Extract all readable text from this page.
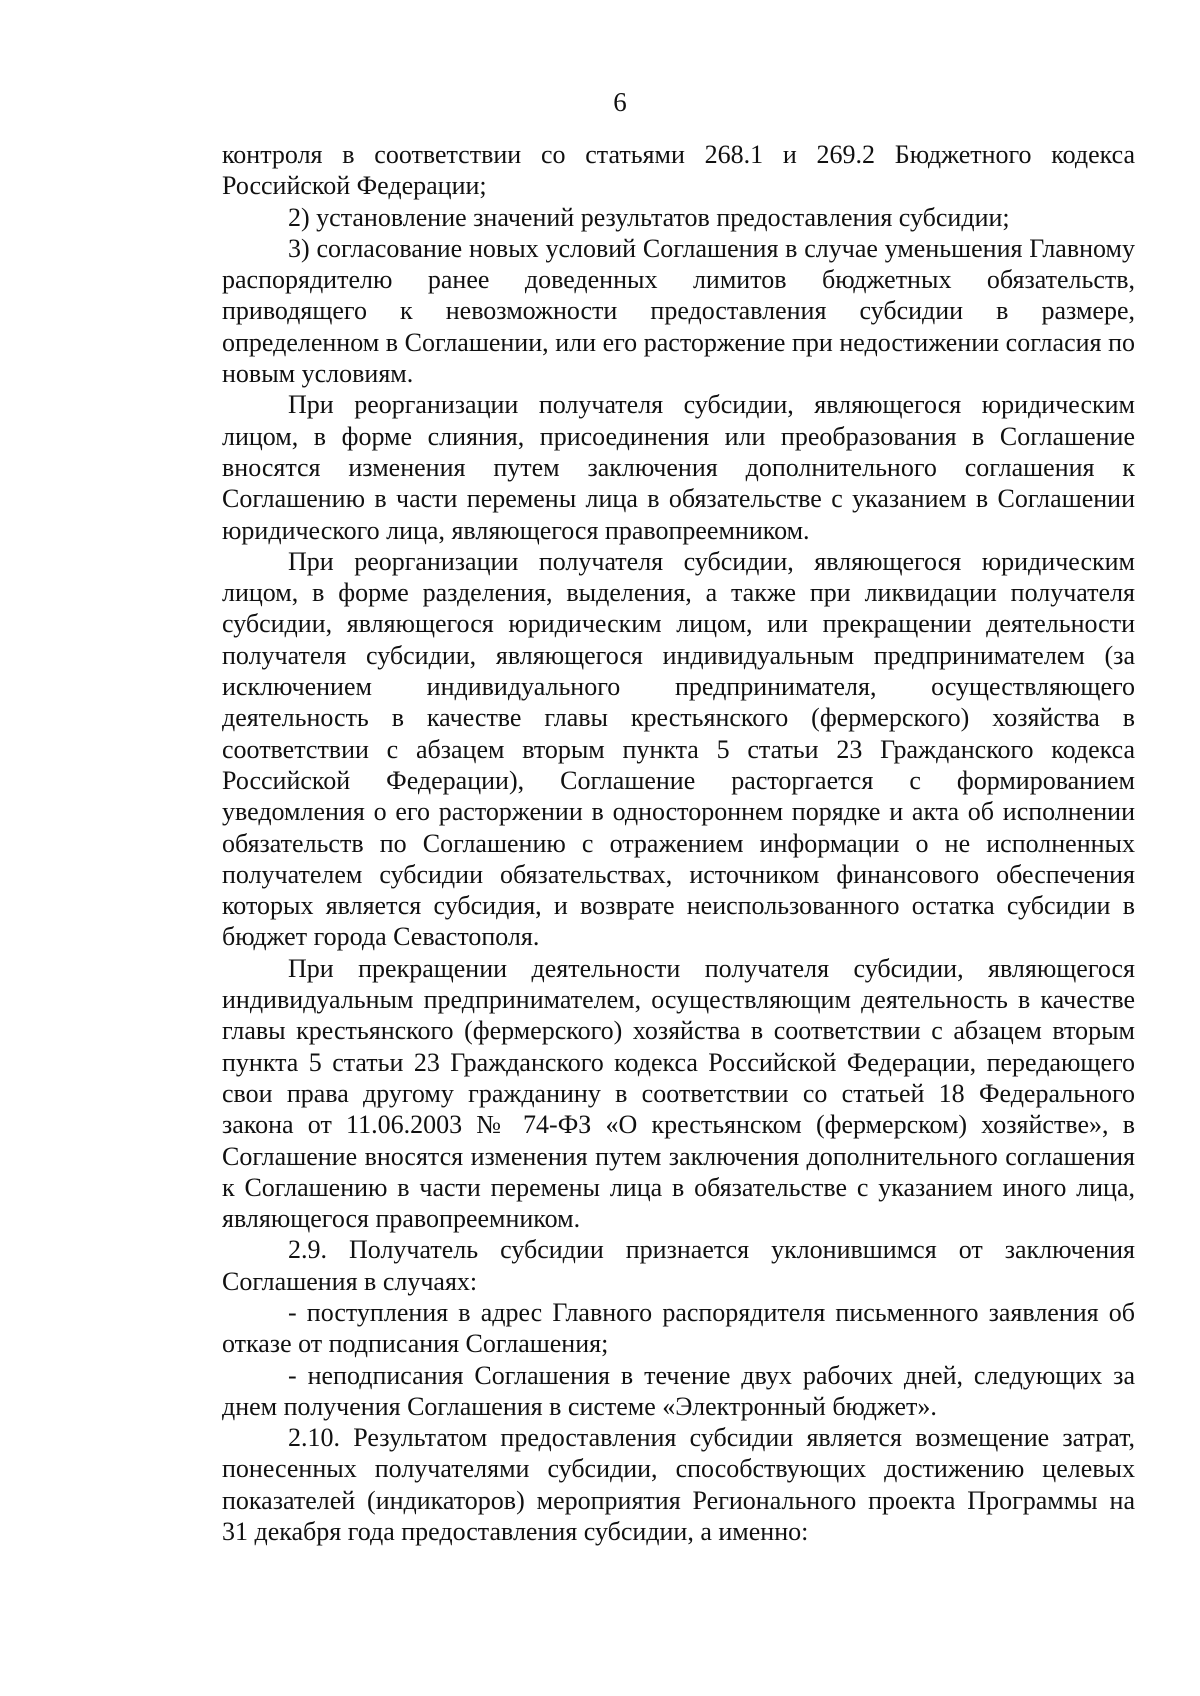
6

контроля в соответствии со статьями 268.1 и 269.2 Бюджетного кодекса Российской Федерации;

2) установление значений результатов предоставления субсидии;

3) согласование новых условий Соглашения в случае уменьшения Главному распорядителю ранее доведенных лимитов бюджетных обязательств, приводящего к невозможности предоставления субсидии в размере, определенном в Соглашении, или его расторжение при недостижении согласия по новым условиям.

При реорганизации получателя субсидии, являющегося юридическим лицом, в форме слияния, присоединения или преобразования в Соглашение вносятся изменения путем заключения дополнительного соглашения к Соглашению в части перемены лица в обязательстве с указанием в Соглашении юридического лица, являющегося правопреемником.

При реорганизации получателя субсидии, являющегося юридическим лицом, в форме разделения, выделения, а также при ликвидации получателя субсидии, являющегося юридическим лицом, или прекращении деятельности получателя субсидии, являющегося индивидуальным предпринимателем (за исключением индивидуального предпринимателя, осуществляющего деятельность в качестве главы крестьянского (фермерского) хозяйства в соответствии с абзацем вторым пункта 5 статьи 23 Гражданского кодекса Российской Федерации), Соглашение расторгается с формированием уведомления о его расторжении в одностороннем порядке и акта об исполнении обязательств по Соглашению с отражением информации о не исполненных получателем субсидии обязательствах, источником финансового обеспечения которых является субсидия, и возврате неиспользованного остатка субсидии в бюджет города Севастополя.

При прекращении деятельности получателя субсидии, являющегося индивидуальным предпринимателем, осуществляющим деятельность в качестве главы крестьянского (фермерского) хозяйства в соответствии с абзацем вторым пункта 5 статьи 23 Гражданского кодекса Российской Федерации, передающего свои права другому гражданину в соответствии со статьей 18 Федерального закона от 11.06.2003 № 74-ФЗ «О крестьянском (фермерском) хозяйстве», в Соглашение вносятся изменения путем заключения дополнительного соглашения к Соглашению в части перемены лица в обязательстве с указанием иного лица, являющегося правопреемником.

2.9. Получатель субсидии признается уклонившимся от заключения Соглашения в случаях:

- поступления в адрес Главного распорядителя письменного заявления об отказе от подписания Соглашения;

- неподписания Соглашения в течение двух рабочих дней, следующих за днем получения Соглашения в системе «Электронный бюджет».

2.10. Результатом предоставления субсидии является возмещение затрат, понесенных получателями субсидии, способствующих достижению целевых показателей (индикаторов) мероприятия Регионального проекта Программы на 31 декабря года предоставления субсидии, а именно:
